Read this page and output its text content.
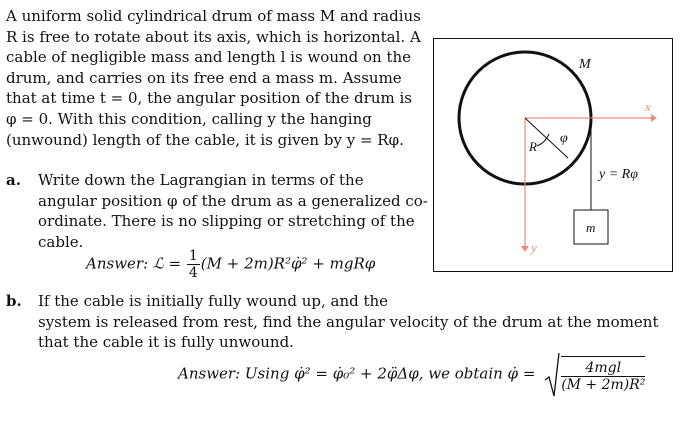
A uniform solid cylindrical drum of mass M and radius
R is free to rotate about its axis, which is horizontal. A
cable of negligible mass and length l is wound on the
drum, and carries on its free end a mass m. Assume
that at time t = 0, the angular position of the drum is
φ = 0. With this condition, calling y the hanging
(unwound) length of the cable, it is given by y = Rφ.
a. Write down the Lagrangian in terms of the
angular position φ of the drum as a generalized co-
ordinate. There is no slipping or stretching of the
cable.
Answer: ℒ = $\frac{1}{4} (M$ + 2m)R²φ̇² + mgRφ
b. If the cable is initially fully wound up, and the
system is released from rest, find the angular velocity of the drum at the moment
that the cable it is fully unwound.
Answer: Using φ̇² = φ̇₀² + 2φ̈Δφ, we obtain φ̇ = $\frac{\text{4mgl}}{\text{(M + 2m)R²}}$
M
R
φ
x
y
y = Rφ
m
